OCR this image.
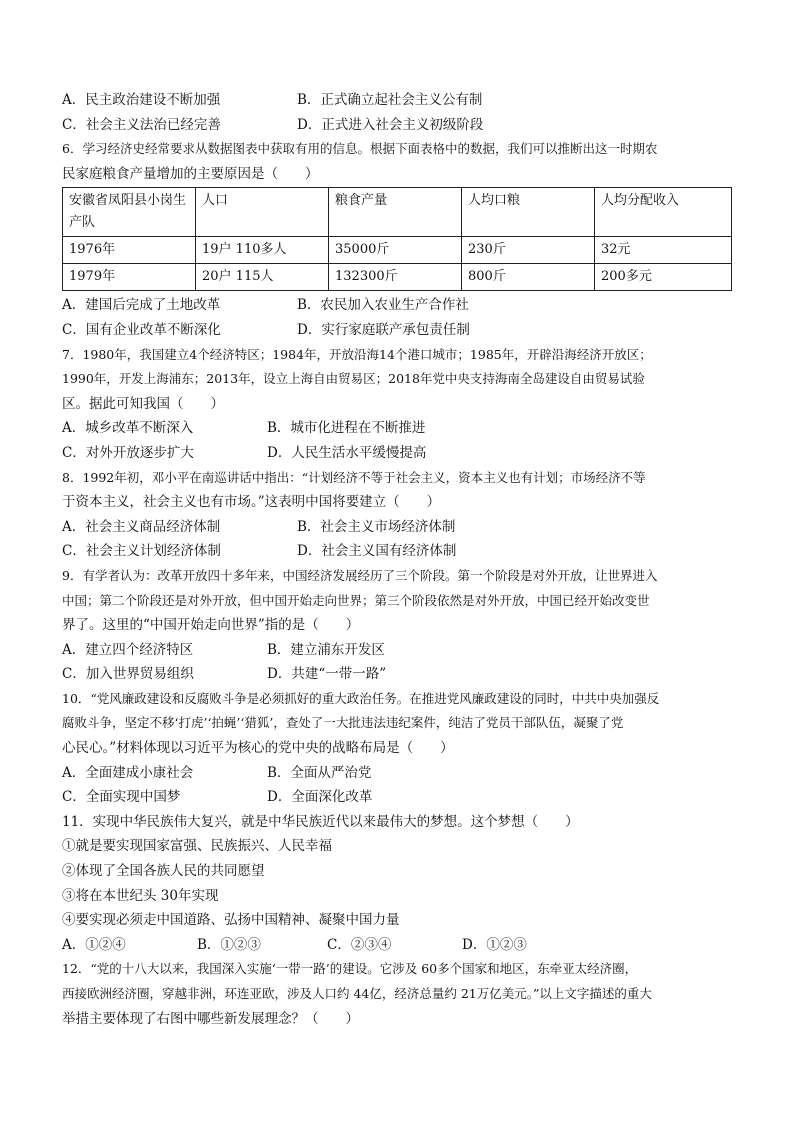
A．民主政治建设不断加强	B．正式确立起社会主义公有制
C．社会主义法治已经完善	D．正式进入社会主义初级阶段
6．学习经济史经常要求从数据图表中获取有用的信息。根据下面表格中的数据，我们可以推断出这一时期农
民家庭粮食产量增加的主要原因是（　　）
安徽省凤阳县小岗生产队	人口	粮食产量	人均口粮	人均分配收入
1976年	19户 110多人	35000斤	230斤	32元
1979年	20户 115人	132300斤	800斤	200多元
A．建国后完成了土地改革	B．农民加入农业生产合作社
C．国有企业改革不断深化	D．实行家庭联产承包责任制
7．1980年，我国建立4个经济特区；1984年，开放沿海14个港口城市；1985年，开辟沿海经济开放区；
1990年，开发上海浦东；2013年，设立上海自由贸易区；2018年党中央支持海南全岛建设自由贸易试验
区。据此可知我国（　　）
A．城乡改革不断深入	B．城市化进程在不断推进
C．对外开放逐步扩大	D．人民生活水平缓慢提高
8．1992年初，邓小平在南巡讲话中指出：“计划经济不等于社会主义，资本主义也有计划；市场经济不等
于资本主义，社会主义也有市场。”这表明中国将要建立（　　）
A．社会主义商品经济体制	B．社会主义市场经济体制
C．社会主义计划经济体制	D．社会主义国有经济体制
9．有学者认为：改革开放四十多年来，中国经济发展经历了三个阶段。第一个阶段是对外开放，让世界进入
中国；第二个阶段还是对外开放，但中国开始走向世界；第三个阶段依然是对外开放，中国已经开始改变世
界了。这里的“中国开始走向世界”指的是（　　）
A．建立四个经济特区	B．建立浦东开发区
C．加入世界贸易组织	D．共建“一带一路”
10．“党风廉政建设和反腐败斗争是必须抓好的重大政治任务。在推进党风廉政建设的同时，中共中央加强反
腐败斗争，坚定不移‘打虎’‘拍蝇’‘猎狐’，查处了一大批违法违纪案件，纯洁了党员干部队伍，凝聚了党
心民心。”材料体现以习近平为核心的党中央的战略布局是（　　）
A．全面建成小康社会	B．全面从严治党
C．全面实现中国梦	D．全面深化改革
11．实现中华民族伟大复兴，就是中华民族近代以来最伟大的梦想。这个梦想（　　）
①就是要实现国家富强、民族振兴、人民幸福
②体现了全国各族人民的共同愿望
③将在本世纪头 30年实现
④要实现必须走中国道路、弘扬中国精神、凝聚中国力量
A．①②④	B．①②③	C．②③④	D．①②③
12．“党的十八大以来，我国深入实施‘一带一路’的建设。它涉及 60多个国家和地区，东牵亚太经济圈，
西接欧洲经济圈，穿越非洲，环连亚欧，涉及人口约 44亿，经济总量约 21万亿美元。”以上文字描述的重大
举措主要体现了右图中哪些新发展理念？（　　）
